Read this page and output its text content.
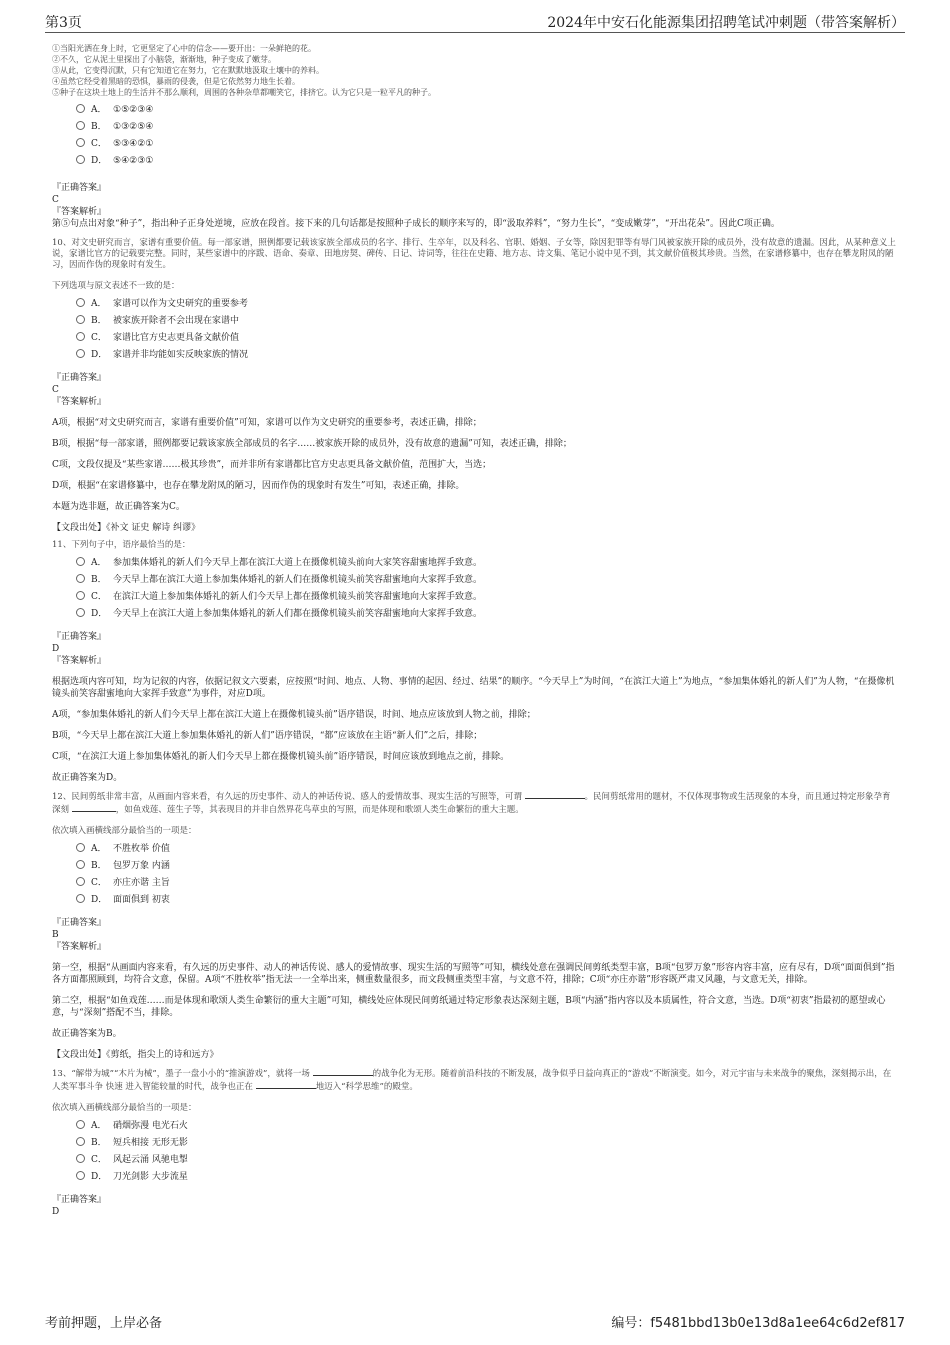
第3页	2024年中安石化能源集团招聘笔试冲刺题（带答案解析）
①当阳光洒在身上时，它更坚定了心中的信念——要开出：一朵鲜艳的花。
②不久，它从泥土里探出了小脑袋，渐渐地，种子变成了嫩芽。
③从此，它变得沉默，只有它知道它在努力，它在默默地汲取土壤中的养料。
④虽然它经受着黑暗的恐惧，暴雨的侵袭，但是它依然努力地生长着。
⑤种子在这块土地上的生活并不那么顺利，周围的各种杂草都嘲笑它，排挤它。认为它只是一粒平凡的种子。
A． ①⑤②③④
B． ①③②⑤④
C． ⑤③④②①
D． ⑤④②③①
『正确答案』
C
『答案解析』
第⑤句点出对象“种子”，指出种子正身处逆境，应放在段首。接下来的几句话都是按照种子成长的顺序来写的，即“汲取养料”，“努力生长”，“变成嫩芽”，“开出花朵”。因此C项正确。
10、对文史研究而言，家谱有重要价值。每一部家谱，照例都要记载该家族全部成员的名字、排行、生卒年，以及科名、官职、婚姻、子女等，除因犯罪等有辱门风被家族开除的成员外，没有故意的遗漏。因此，从某种意义上说，家谱比官方的记载要完整。同时，某些家谱中的序跋、语命、奏章、田地房契、碑传、日记、诗词等，往往在史籍、地方志、诗文集、笔记小说中见不到，其文献价值极其珍贵。当然，在家谱修纂中，也存在攀龙附凤的陋习，因而作伪的现象时有发生。
下列选项与原文表述不一致的是：
A． 家谱可以作为文史研究的重要参考
B． 被家族开除者不会出现在家谱中
C． 家谱比官方史志更具备文献价值
D． 家谱并非均能如实反映家族的情况
『正确答案』
C
『答案解析』
A项，根据“对文史研究而言，家谱有重要价值”可知，家谱可以作为文史研究的重要参考，表述正确，排除；
B项，根据“每一部家谱，照例都要记载该家族全部成员的名字……被家族开除的成员外，没有故意的遗漏”可知，表述正确，排除；
C项，文段仅提及“某些家谱……极其珍贵”，而并非所有家谱都比官方史志更具备文献价值，范围扩大，当选；
D项，根据“在家谱修纂中，也存在攀龙附凤的陋习，因而作伪的现象时有发生”可知，表述正确，排除。
本题为选非题，故正确答案为C。
【文段出处】《补文 证史 解诗 纠谬》
11、下列句子中，语序最恰当的是：
A． 参加集体婚礼的新人们今天早上都在滨江大道上在摄像机镜头前向大家笑容甜蜜地挥手致意。
B． 今天早上都在滨江大道上参加集体婚礼的新人们在摄像机镜头前笑容甜蜜地向大家挥手致意。
C． 在滨江大道上参加集体婚礼的新人们今天早上都在摄像机镜头前笑容甜蜜地向大家挥手致意。
D． 今天早上在滨江大道上参加集体婚礼的新人们都在摄像机镜头前笑容甜蜜地向大家挥手致意。
『正确答案』
D
『答案解析』
根据选项内容可知，均为记叙的内容，依据记叙文六要素，应按照“时间、地点、人物、事情的起因、经过、结果”的顺序。“今天早上”为时间，“在滨江大道上”为地点，“参加集体婚礼的新人们”为人物，“在摄像机镜头前笑容甜蜜地向大家挥手致意”为事件，对应D项。
A项，“参加集体婚礼的新人们今天早上都在滨江大道上在摄像机镜头前”语序错误，时间、地点应该放到人物之前，排除；
B项，“今天早上都在滨江大道上参加集体婚礼的新人们”语序错误，“都”应该放在主语“新人们”之后，排除；
C项，“在滨江大道上参加集体婚礼的新人们今天早上都在摄像机镜头前”语序错误，时间应该放到地点之前，排除。
故正确答案为D。
12、民间剪纸非常丰富，从画面内容来看，有久远的历史事件、动人的神话传说、感人的爱情故事、现实生活的写照等，可谓	。民间剪纸常用的题材，不仅体现事物或生活现象的本身，而且通过特定形象孕育深刻	，如鱼戏莲、莲生子等，其表现目的并非自然界花鸟草虫的写照，而是体现和歌颂人类生命繁衍的重大主题。
依次填入画横线部分最恰当的一项是：
A． 不胜枚举 价值
B． 包罗万象 内涵
C． 亦庄亦谐 主旨
D． 面面俱到 初衷
『正确答案』
B
『答案解析』
第一空，根据“从画面内容来看，有久远的历史事件、动人的神话传说、感人的爱情故事、现实生活的写照等”可知，横线处意在强调民间剪纸类型丰富，B项“包罗万象”形容内容丰富，应有尽有，D项“面面俱到”指各方面都照顾到，均符合文意，保留。A项“不胜枚举”指无法一一全举出来，侧重数量很多，而文段侧重类型丰富，与文意不符，排除；C项“亦庄亦谐”形容既严肃又风趣，与文意无关，排除。
第二空，根据“如鱼戏莲……而是体现和歌颂人类生命繁衍的重大主题”可知，横线处应体现民间剪纸通过特定形象表达深刻主题，B项“内涵”指内容以及本质属性，符合文意，当选。D项“初衷”指最初的愿望或心意，与“深刻”搭配不当，排除。
故正确答案为B。
【文段出处】《剪纸，指尖上的诗和远方》
13、“解带为城”“木片为械”，墨子一盘小小的“推演游戏”，就将一场	的战争化为无形。随着前沿科技的不断发展，战争似乎日益向真正的“游戏”不断演变。如今，对元宇宙与未来战争的聚焦，深刻揭示出，在人类军事斗争 快速 进入智能较量的时代，战争也正在	地迈入“科学思维”的殿堂。
依次填入画横线部分最恰当的一项是：
A． 硝烟弥漫 电光石火
B． 短兵相接 无形无影
C． 风起云涌 风驰电掣
D． 刀光剑影 大步流星
『正确答案』
D
考前押题，上岸必备	编号：f5481bbd13b0e13d8a1ee64c6d2ef817
